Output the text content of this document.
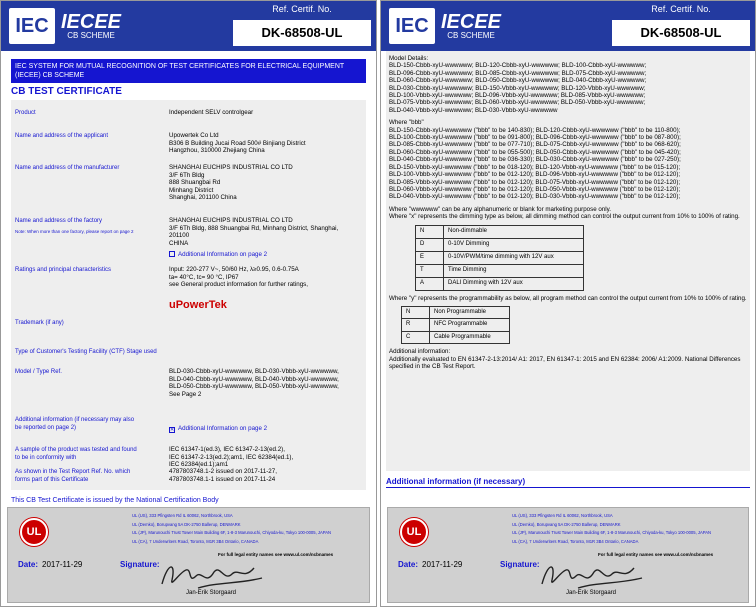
IEC IECEE
CB SCHEME
Ref. Certif. No.
DK-68508-UL
IEC SYSTEM FOR MUTUAL RECOGNITION OF TEST CERTIFICATES FOR ELECTRICAL EQUIPMENT (IECEE) CB SCHEME
CB TEST CERTIFICATE
Product	Independent SELV controlgear
Name and address of the applicant	Upowertek Co Ltd
B306 B Building Jucai Road 500# Binjiang District
Hangzhou, 310000 Zhejiang China
Name and address of the manufacturer	SHANGHAI EUCHIPS INDUSTRIAL CO LTD
3/F 6Th Bldg
888 Shuangbai Rd
Minhang District
Shanghai, 201100 China
Name and address of the factory
Note: When more than one factory, please report on page 2
SHANGHAI EUCHIPS INDUSTRIAL CO LTD
3/F 6Th Bldg, 888 Shuangbai Rd, Minhang District, Shanghai,
201100
CHINA
Additional Information on page 2
Ratings and principal characteristics	Input: 220-277 V~, 50/60 Hz, λ≥0.95, 0.6-0.75A
ta= 40°C, tc= 90 °C, IP67
see General product information for further ratings,
uPowerTek
Trademark (if any)
Type of Customer's Testing Facility (CTF) Stage used
Model / Type Ref.	BLD-030-Cbbb-xyU-wwwwww, BLD-030-Vbbb-xyU-wwwwww,
BLD-040-Cbbb-xyU-wwwwww, BLD-040-Vbbb-xyU-wwwwww,
BLD-050-Cbbb-xyU-wwwwww, BLD-050-Vbbb-xyU-wwwwww,
See Page 2
Additional information (if necessary may also be reported on page 2)	✕ Additional Information on page 2
A sample of the product was tested and found to be in conformity with
IEC 61347-1(ed.3), IEC 61347-2-13(ed.2),
IEC 61347-2-13(ed.2);am1, IEC 62384(ed.1),
IEC 62384(ed.1);am1
As shown in the Test Report Ref. No. which forms part of this Certificate
4787803748.1-2 issued on 2017-11-27,
4787803748.1-1 issued on 2017-11-24
This CB Test Certificate is issued by the National Certification Body
UL
UL (US), 333 Pfingsten Rd IL 60062, Northbrook, USA
UL (Demko), Borupvang 5A DK-2750 Ballerup, DENMARK
UL (JP), Marunouchi Trust Tower Main Building 6F, 1-8-3 Marunouchi, Chiyoda-ku, Tokyo 100-0005, JAPAN
UL (CA), 7 Underwriters Road, Toronto, M1R 3B4 Ontario, CANADA
For full legal entity names see www.ul.com/ncbnames
Date: 2017-11-29	Signature:
Jan-Erik Storgaard
IEC IECEE
CB SCHEME
Ref. Certif. No.
DK-68508-UL
Model Details:
BLD-150-Cbbb-xyU-wwwwww; BLD-120-Cbbb-xyU-wwwwww; BLD-100-Cbbb-xyU-wwwwww;
BLD-096-Cbbb-xyU-wwwwww; BLD-085-Cbbb-xyU-wwwwww; BLD-075-Cbbb-xyU-wwwwww;
BLD-060-Cbbb-xyU-wwwwww; BLD-050-Cbbb-xyU-wwwwww; BLD-040-Cbbb-xyU-wwwwww;
BLD-030-Cbbb-xyU-wwwwww; BLD-150-Vbbb-xyU-wwwwww; BLD-120-Vbbb-xyU-wwwwww;
BLD-100-Vbbb-xyU-wwwwww; BLD-096-Vbbb-xyU-wwwwww; BLD-085-Vbbb-xyU-wwwwww;
BLD-075-Vbbb-xyU-wwwwww; BLD-060-Vbbb-xyU-wwwwww; BLD-050-Vbbb-xyU-wwwwww;
BLD-040-Vbbb-xyU-wwwwww; BLD-030-Vbbb-xyU-wwwwww
Where "bbb"
BLD-150-Cbbb-xyU-wwwwww ("bbb" to be 140-830); BLD-120-Cbbb-xyU-wwwwww ("bbb" to be 110-800);
BLD-100-Cbbb-xyU-wwwwww ("bbb" to be 091-800); BLD-096-Cbbb-xyU-wwwwww ("bbb" to be 087-800);
BLD-085-Cbbb-xyU-wwwwww ("bbb" to be 077-710); BLD-075-Cbbb-xyU-wwwwww ("bbb" to be 068-620);
BLD-060-Cbbb-xyU-wwwwww ("bbb" to be 055-500); BLD-050-Cbbb-xyU-wwwwww ("bbb" to be 045-420);
BLD-040-Cbbb-xyU-wwwwww ("bbb" to be 036-330); BLD-030-Cbbb-xyU-wwwwww ("bbb" to be 027-250);
BLD-150-Vbbb-xyU-wwwwww ("bbb" to be 018-120); BLD-120-Vbbb-xyU-wwwwww ("bbb" to be 015-120);
BLD-100-Vbbb-xyU-wwwwww ("bbb" to be 012-120); BLD-096-Vbbb-xyU-wwwwww ("bbb" to be 012-120);
BLD-085-Vbbb-xyU-wwwwww ("bbb" to be 012-120); BLD-075-Vbbb-xyU-wwwwww ("bbb" to be 012-120);
BLD-060-Vbbb-xyU-wwwwww ("bbb" to be 012-120); BLD-050-Vbbb-xyU-wwwwww ("bbb" to be 012-120);
BLD-040-Vbbb-xyU-wwwwww ("bbb" to be 012-120); BLD-030-Vbbb-xyU-wwwwww ("bbb" to be 012-120);
Where "wwwwww" can be any alphanumeric or blank for marketing purpose only.
Where "x" represents the dimming type as below, all dimming method can control the output current from 10% to 100% of rating.
N	Non-dimmable
D	0-10V Dimming
E	0-10V/PWM/time dimming with 12V aux
T	Time Dimming
A	DALI Dimming with 12V aux
Where "y" represents the programmability as below, all program method can control the output current from 10% to 100% of rating.
N	Non Programmable
R	NFC Programmable
C	Cable Programmable
Additional information:
Additionally evaluated to EN 61347-2-13:2014/ A1: 2017, EN 61347-1: 2015 and EN 62384: 2006/ A1:2009. National Differences specified in the CB Test Report.
Additional information (if necessary)
UL
UL (US), 333 Pfingsten Rd IL 60062, Northbrook, USA
UL (Demko), Borupvang 5A DK-2750 Ballerup, DENMARK
UL (JP), Marunouchi Trust Tower Main Building 6F, 1-8-3 Marunouchi, Chiyoda-ku, Tokyo 100-0005, JAPAN
UL (CA), 7 Underwriters Road, Toronto, M1R 3B4 Ontario, CANADA
For full legal entity names see www.ul.com/ncbnames
Date: 2017-11-29	Signature:
Jan-Erik Storgaard
